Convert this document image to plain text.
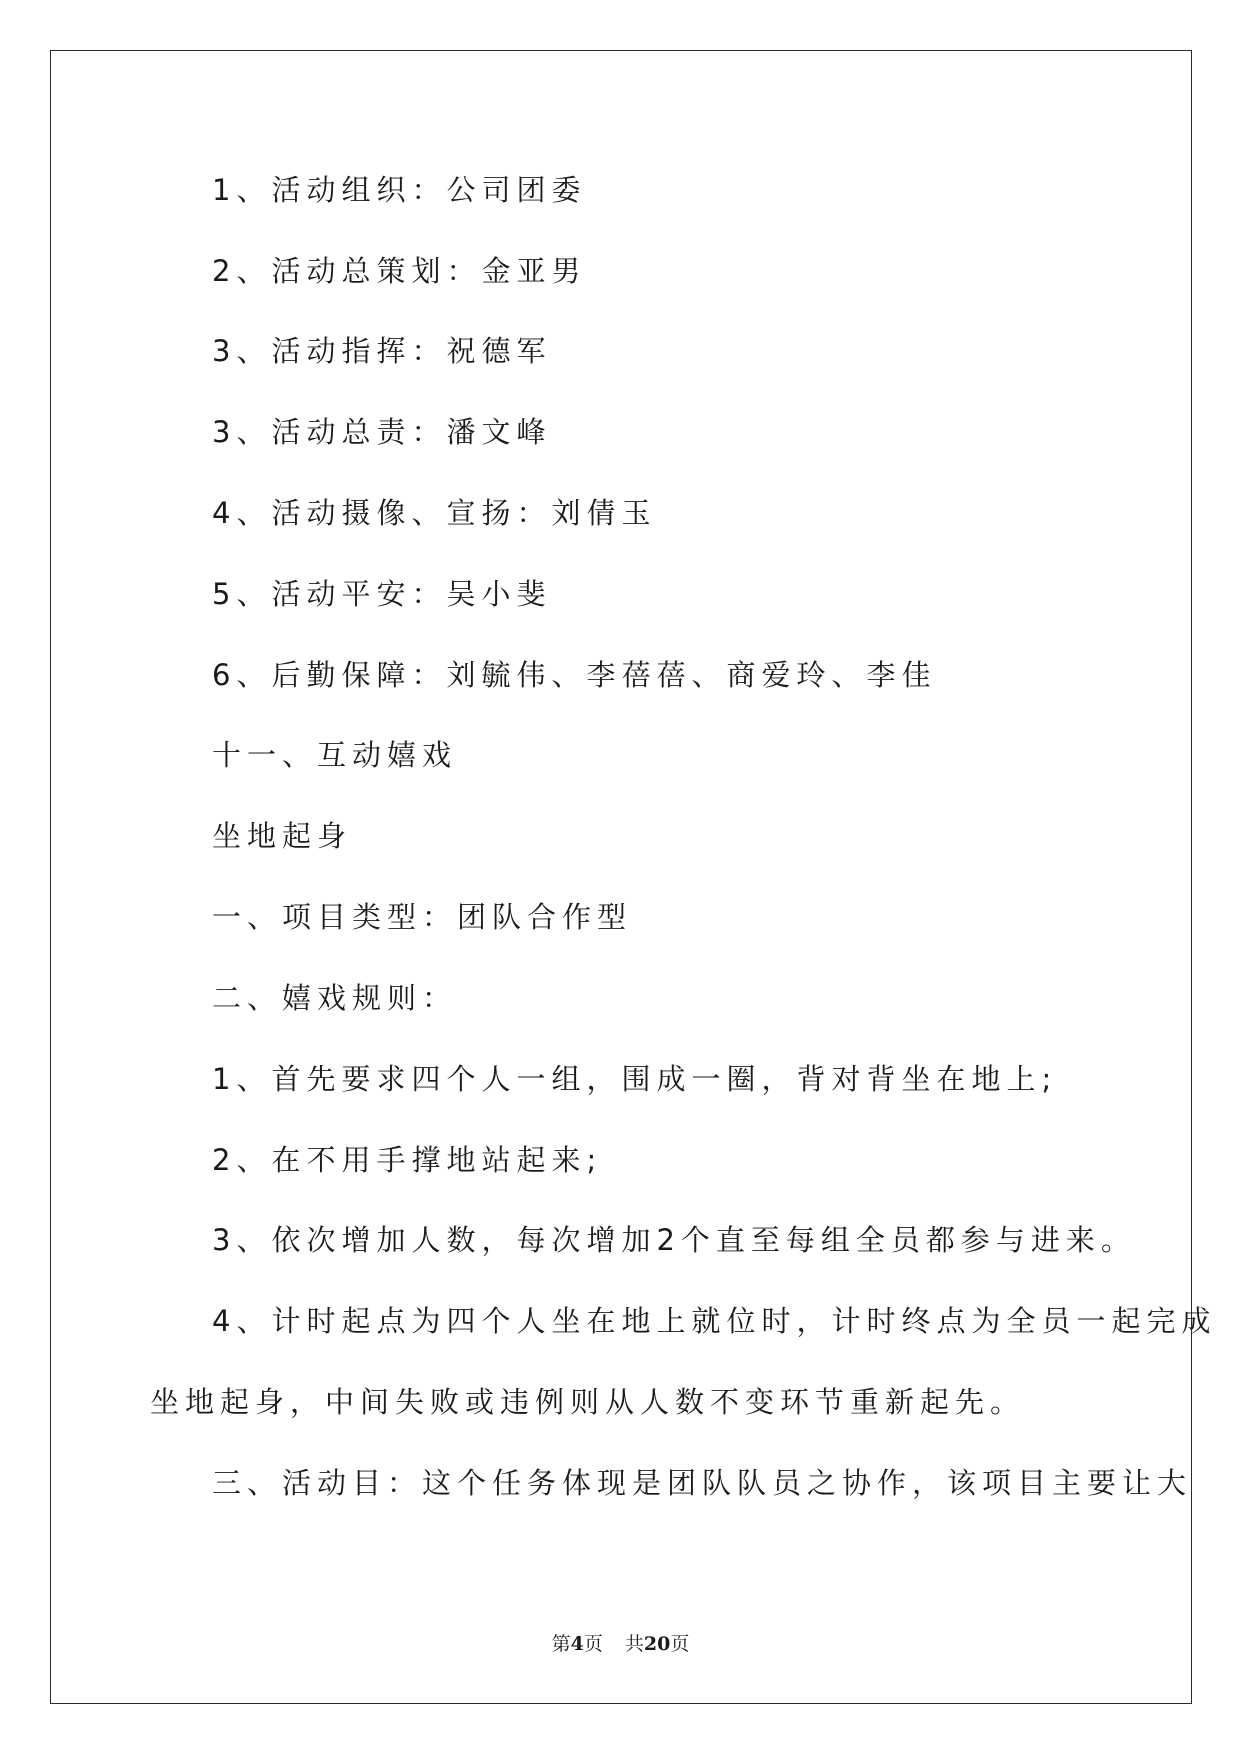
1、活动组织：公司团委
2、活动总策划：金亚男
3、活动指挥：祝德军
3、活动总责：潘文峰
4、活动摄像、宣扬：刘倩玉
5、活动平安：吴小斐
6、后勤保障：刘毓伟、李蓓蓓、商爱玲、李佳
十一、互动嬉戏
坐地起身
一、项目类型：团队合作型
二、嬉戏规则：
1、首先要求四个人一组，围成一圈，背对背坐在地上;
2、在不用手撑地站起来;
3、依次增加人数，每次增加2个直至每组全员都参与进来。
4、计时起点为四个人坐在地上就位时，计时终点为全员一起完成
坐地起身，中间失败或违例则从人数不变环节重新起先。
三、活动目：这个任务体现是团队队员之协作，该项目主要让大
第4页 共20页
